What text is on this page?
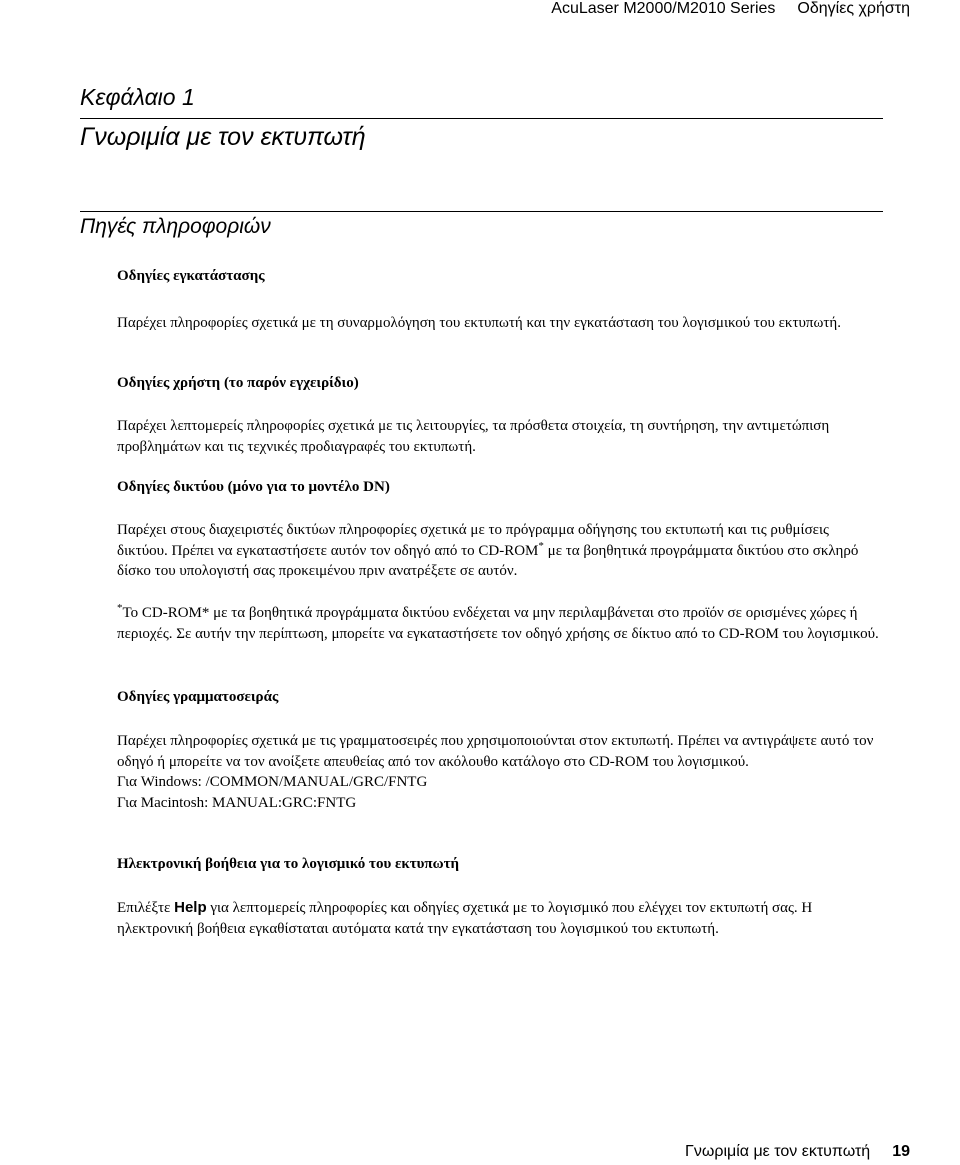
AcuLaser M2000/M2010 Series Οδηγίες χρήστη
Κεφάλαιο 1
Γνωριμία με τον εκτυπωτή
Πηγές πληροφοριών

Οδηγίες εγκατάστασης

Παρέχει πληροφορίες σχετικά με τη συναρμολόγηση του εκτυπωτή και την εγκατάσταση του λογισμικού του εκτυπωτή.

Οδηγίες χρήστη (το παρόν εγχειρίδιο)

Παρέχει λεπτομερείς πληροφορίες σχετικά με τις λειτουργίες, τα πρόσθετα στοιχεία, τη συντήρηση, την αντιμετώπιση προβλημάτων και τις τεχνικές προδιαγραφές του εκτυπωτή.

Οδηγίες δικτύου (μόνο για το μοντέλο DN)

Παρέχει στους διαχειριστές δικτύων πληροφορίες σχετικά με το πρόγραμμα οδήγησης του εκτυπωτή και τις ρυθμίσεις δικτύου. Πρέπει να εγκαταστήσετε αυτόν τον οδηγό από το CD-ROM* με τα βοηθητικά προγράμματα δικτύου στο σκληρό δίσκο του υπολογιστή σας προκειμένου πριν ανατρέξετε σε αυτόν.

*Το CD-ROM* με τα βοηθητικά προγράμματα δικτύου ενδέχεται να μην περιλαμβάνεται στο προϊόν σε ορισμένες χώρες ή περιοχές. Σε αυτήν την περίπτωση, μπορείτε να εγκαταστήσετε τον οδηγό χρήσης σε δίκτυο από το CD-ROM του λογισμικού.

Οδηγίες γραμματοσειράς

Παρέχει πληροφορίες σχετικά με τις γραμματοσειρές που χρησιμοποιούνται στον εκτυπωτή. Πρέπει να αντιγράψετε αυτό τον οδηγό ή μπορείτε να τον ανοίξετε απευθείας από τον ακόλουθο κατάλογο στο CD-ROM του λογισμικού.

Για Windows: /COMMON/MANUAL/GRC/FNTG

Για Macintosh: MANUAL:GRC:FNTG

Ηλεκτρονική βοήθεια για το λογισμικό του εκτυπωτή

Επιλέξτε Help για λεπτομερείς πληροφορίες και οδηγίες σχετικά με το λογισμικό που ελέγχει τον εκτυπωτή σας. Η ηλεκτρονική βοήθεια εγκαθίσταται αυτόματα κατά την εγκατάσταση του λογισμικού του εκτυπωτή.

Γνωριμία με τον εκτυπωτή 19
